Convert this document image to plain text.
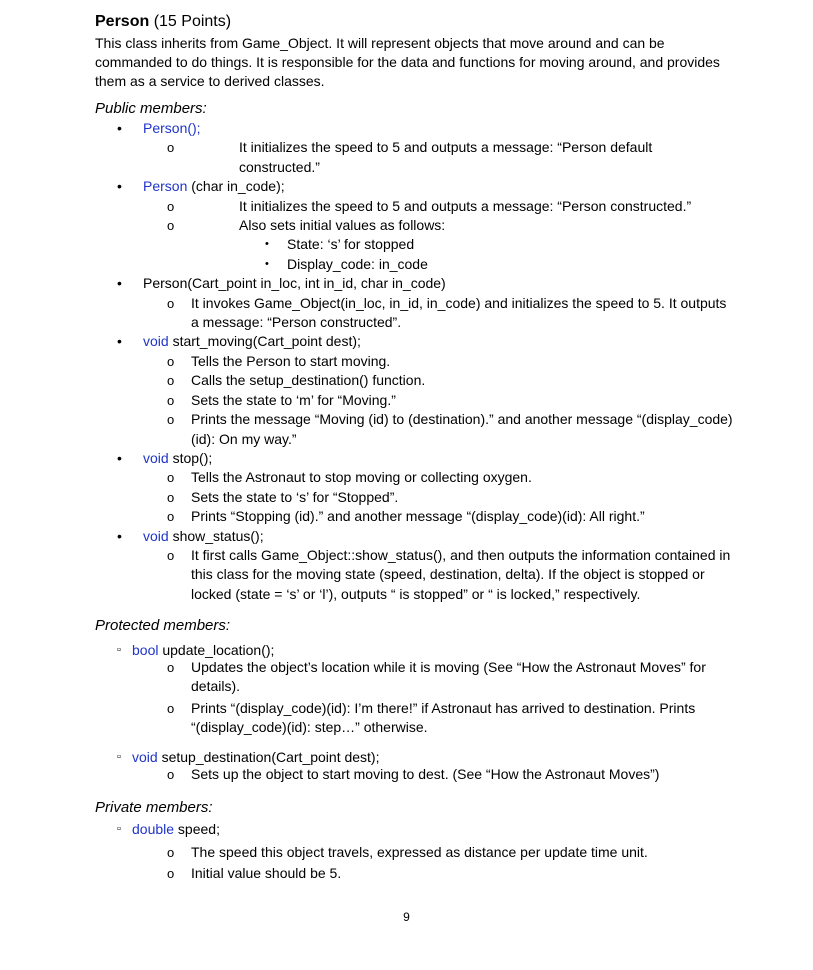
Person (15 Points)

This class inherits from Game_Object. It will represent objects that move around and can be commanded to do things. It is responsible for the data and functions for moving around, and provides them as a service to derived classes.

Public members:

• Person();
o	It initializes the speed to 5 and outputs a message: “Person default constructed.”
• Person (char in_code);
o	It initializes the speed to 5 and outputs a message: “Person constructed.”
o	Also sets initial values as follows:
•	State: ‘s’ for stopped
•	Display_code: in_code
• Person(Cart_point in_loc, int in_id, char in_code)
o	It invokes Game_Object(in_loc, in_id, in_code) and initializes the speed to 5. It outputs a message: “Person constructed”.
• void start_moving(Cart_point dest);
o	Tells the Person to start moving.
o	Calls the setup_destination() function.
o	Sets the state to ‘m’ for “Moving.”
o	Prints the message “Moving (id) to (destination).” and another message “(display_code)(id): On my way.”
• void stop();
o	Tells the Astronaut to stop moving or collecting oxygen.
o	Sets the state to ‘s’ for “Stopped”.
o	Prints “Stopping (id).” and another message “(display_code)(id): All right.”
• void show_status();
o	It first calls Game_Object::show_status(), and then outputs the information contained in this class for the moving state (speed, destination, delta). If the object is stopped or locked (state = ‘s’ or ‘l’), outputs “ is stopped” or “ is locked,” respectively.

Protected members:

▫ bool update_location();
o	Updates the object’s location while it is moving (See “How the Astronaut Moves” for details).
o	Prints “(display_code)(id): I’m there!” if Astronaut has arrived to destination. Prints “(display_code)(id): step…” otherwise.
▫ void setup_destination(Cart_point dest);
o	Sets up the object to start moving to dest. (See “How the Astronaut Moves”)

Private members:

▫ double speed;
o	The speed this object travels, expressed as distance per update time unit.
o	Initial value should be 5.
9
